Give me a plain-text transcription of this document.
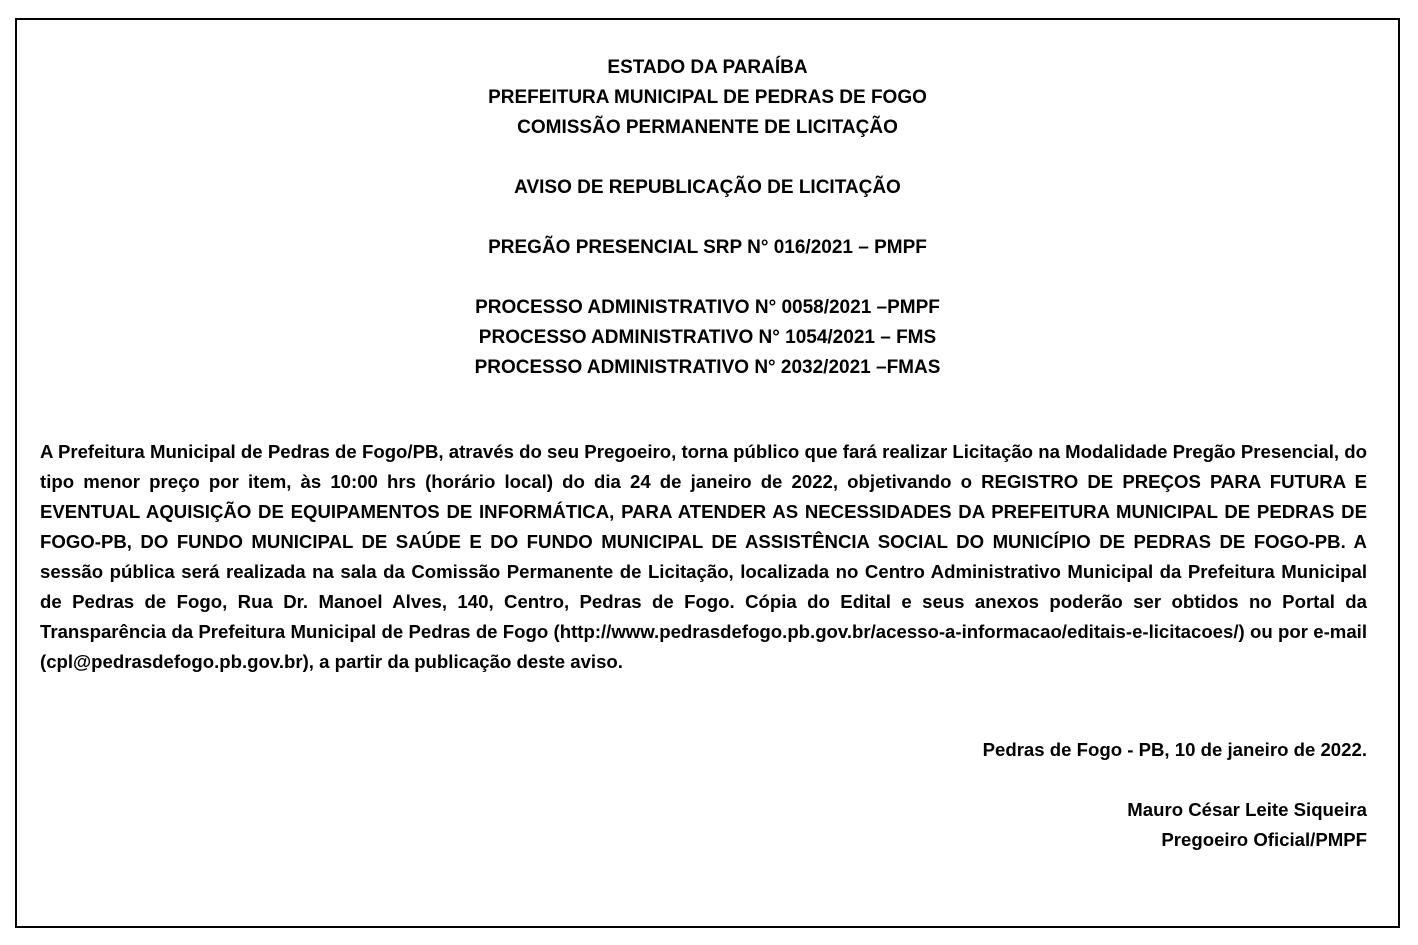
ESTADO DA PARAÍBA
PREFEITURA MUNICIPAL DE PEDRAS DE FOGO
COMISSÃO PERMANENTE DE LICITAÇÃO
AVISO DE REPUBLICAÇÃO DE LICITAÇÃO
PREGÃO PRESENCIAL SRP N° 016/2021 – PMPF
PROCESSO ADMINISTRATIVO N° 0058/2021 –PMPF
PROCESSO ADMINISTRATIVO N° 1054/2021 – FMS
PROCESSO ADMINISTRATIVO N° 2032/2021 –FMAS
A Prefeitura Municipal de Pedras de Fogo/PB, através do seu Pregoeiro, torna público que fará realizar Licitação na Modalidade Pregão Presencial, do tipo menor preço por item, às 10:00 hrs (horário local) do dia 24 de janeiro de 2022, objetivando o REGISTRO DE PREÇOS PARA FUTURA E EVENTUAL AQUISIÇÃO DE EQUIPAMENTOS DE INFORMÁTICA, PARA ATENDER AS NECESSIDADES DA PREFEITURA MUNICIPAL DE PEDRAS DE FOGO-PB, DO FUNDO MUNICIPAL DE SAÚDE E DO FUNDO MUNICIPAL DE ASSISTÊNCIA SOCIAL DO MUNICÍPIO DE PEDRAS DE FOGO-PB. A sessão pública será realizada na sala da Comissão Permanente de Licitação, localizada no Centro Administrativo Municipal da Prefeitura Municipal de Pedras de Fogo, Rua Dr. Manoel Alves, 140, Centro, Pedras de Fogo. Cópia do Edital e seus anexos poderão ser obtidos no Portal da Transparência da Prefeitura Municipal de Pedras de Fogo (http://www.pedrasdefogo.pb.gov.br/acesso-a-informacao/editais-e-licitacoes/) ou por e-mail (cpl@pedrasdefogo.pb.gov.br), a partir da publicação deste aviso.
Pedras de Fogo - PB, 10 de janeiro de 2022.
Mauro César Leite Siqueira
Pregoeiro Oficial/PMPF
